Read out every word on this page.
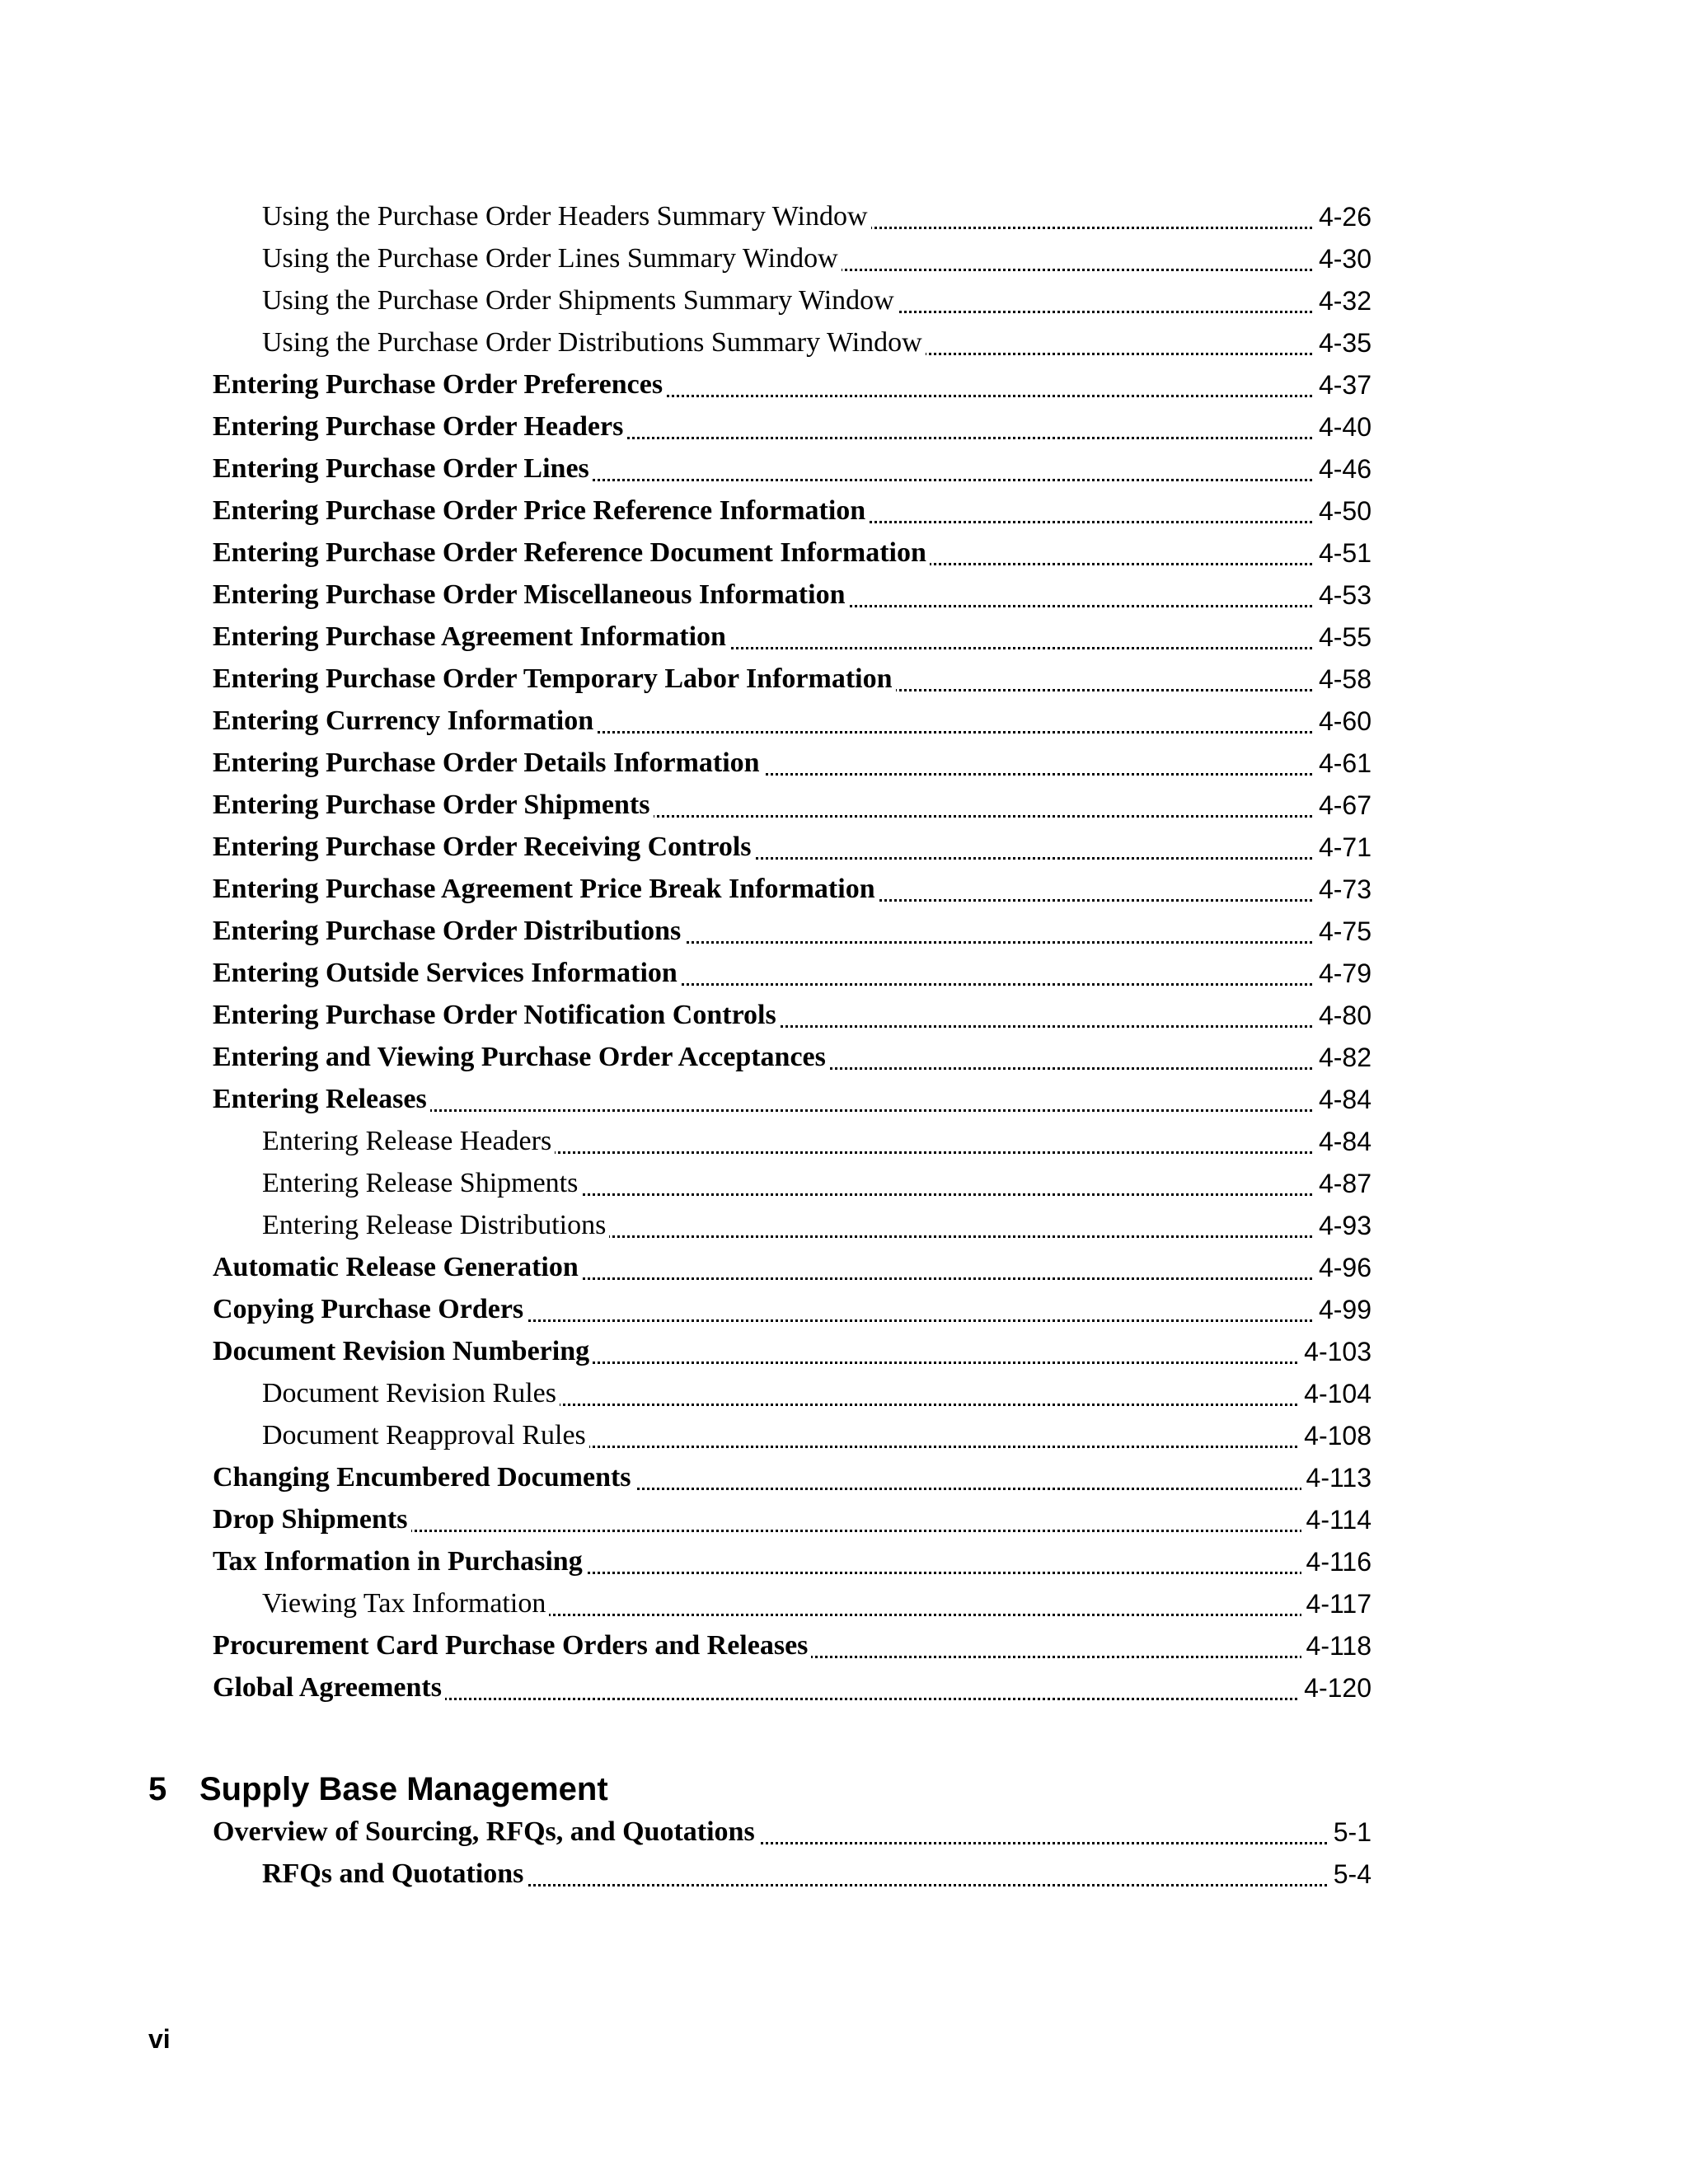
Using the Purchase Order Headers Summary Window	4-26
Using the Purchase Order Lines Summary Window	4-30
Using the Purchase Order Shipments Summary Window	4-32
Using the Purchase Order Distributions Summary Window	4-35
Entering Purchase Order Preferences	4-37
Entering Purchase Order Headers	4-40
Entering Purchase Order Lines	4-46
Entering Purchase Order Price Reference Information	4-50
Entering Purchase Order Reference Document Information	4-51
Entering Purchase Order Miscellaneous Information	4-53
Entering Purchase Agreement Information	4-55
Entering Purchase Order Temporary Labor Information	4-58
Entering Currency Information	4-60
Entering Purchase Order Details Information	4-61
Entering Purchase Order Shipments	4-67
Entering Purchase Order Receiving Controls	4-71
Entering Purchase Agreement Price Break Information	4-73
Entering Purchase Order Distributions	4-75
Entering Outside Services Information	4-79
Entering Purchase Order Notification Controls	4-80
Entering and Viewing Purchase Order Acceptances	4-82
Entering Releases	4-84
Entering Release Headers	4-84
Entering Release Shipments	4-87
Entering Release Distributions	4-93
Automatic Release Generation	4-96
Copying Purchase Orders	4-99
Document Revision Numbering	4-103
Document Revision Rules	4-104
Document Reapproval Rules	4-108
Changing Encumbered Documents	4-113
Drop Shipments	4-114
Tax Information in Purchasing	4-116
Viewing Tax Information	4-117
Procurement Card Purchase Orders and Releases	4-118
Global Agreements	4-120
5 Supply Base Management
Overview of Sourcing, RFQs, and Quotations	5-1
RFQs and Quotations	5-4
vi
